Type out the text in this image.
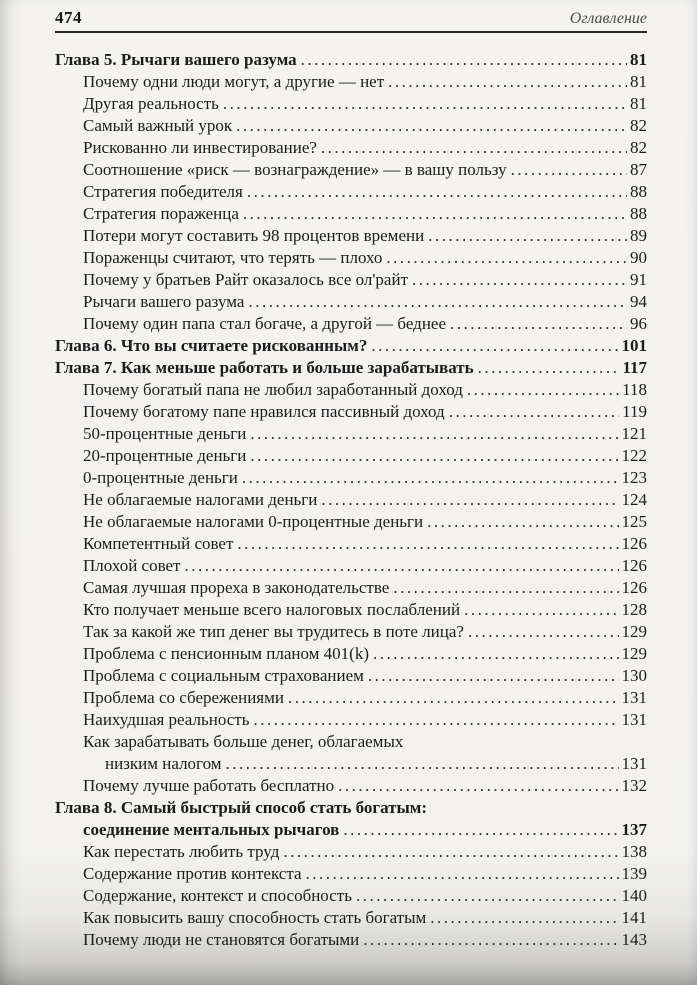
474	Оглавление
Глава 5. Рычаги вашего разума .....	81
Почему одни люди могут, а другие — нет .....	81
Другая реальность .....	81
Самый важный урок .....	82
Рискованно ли инвестирование? .....	82
Соотношение «риск — вознаграждение» — в вашу пользу .....	87
Стратегия победителя .....	88
Стратегия пораженца .....	88
Потери могут составить 98 процентов времени .....	89
Пораженцы считают, что терять — плохо .....	90
Почему у братьев Райт оказалось все ол'райт .....	91
Рычаги вашего разума .....	94
Почему один папа стал богаче, а другой — беднее .....	96
Глава 6. Что вы считаете рискованным? .....	101
Глава 7. Как меньше работать и больше зарабатывать .....	117
Почему богатый папа не любил заработанный доход .....	118
Почему богатому папе нравился пассивный доход .....	119
50-процентные деньги .....	121
20-процентные деньги .....	122
0-процентные деньги .....	123
Не облагаемые налогами деньги .....	124
Не облагаемые налогами 0-процентные деньги .....	125
Компетентный совет .....	126
Плохой совет .....	126
Самая лучшая прореха в законодательстве .....	126
Кто получает меньше всего налоговых послаблений .....	128
Так за какой же тип денег вы трудитесь в поте лица? .....	129
Проблема с пенсионным планом 401(k) .....	129
Проблема с социальным страхованием .....	130
Проблема со сбережениями .....	131
Наихудшая реальность .....	131
Как зарабатывать больше денег, облагаемых
низким налогом .....	131
Почему лучше работать бесплатно .....	132
Глава 8. Самый быстрый способ стать богатым:
соединение ментальных рычагов .....	137
Как перестать любить труд .....	138
Содержание против контекста .....	139
Содержание, контекст и способность .....	140
Как повысить вашу способность стать богатым .....	141
Почему люди не становятся богатыми .....	143
